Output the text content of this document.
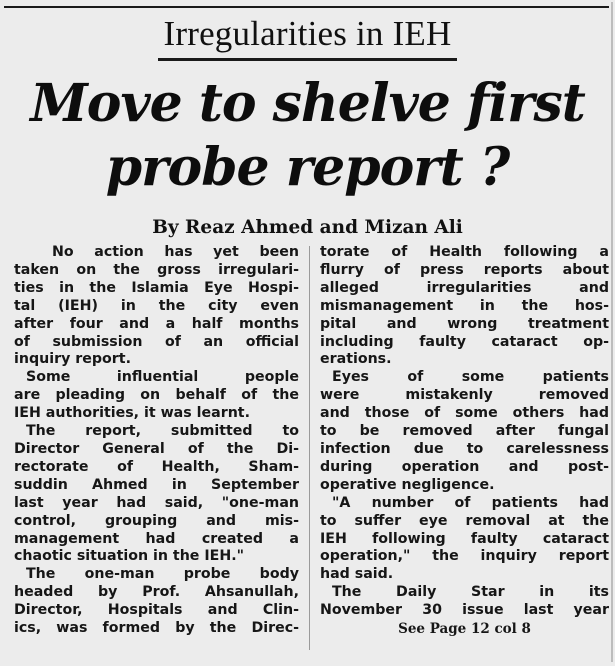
Irregularities in IEH
Move to shelve first
probe report ?
By Reaz Ahmed and Mizan Ali
No action has yet been
taken on the gross irregulari-
ties in the Islamia Eye Hospi-
tal (IEH) in the city even
after four and a half months
of submission of an official
inquiry report.
Some influential people
are pleading on behalf of the
IEH authorities, it was learnt.
The report, submitted to
Director General of the Di-
rectorate of Health, Sham-
suddin Ahmed in September
last year had said, "one-man
control, grouping and mis-
management had created a
chaotic situation in the IEH."
The one-man probe body
headed by Prof. Ahsanullah,
Director, Hospitals and Clin-
ics, was formed by the Direc-
torate of Health following a
flurry of press reports about
alleged irregularities and
mismanagement in the hos-
pital and wrong treatment
including faulty cataract op-
erations.
Eyes of some patients
were mistakenly removed
and those of some others had
to be removed after fungal
infection due to carelessness
during operation and post-
operative negligence.
"A number of patients had
to suffer eye removal at the
IEH following faulty cataract
operation," the inquiry report
had said.
The Daily Star in its
November 30 issue last year
See Page 12 col 8
